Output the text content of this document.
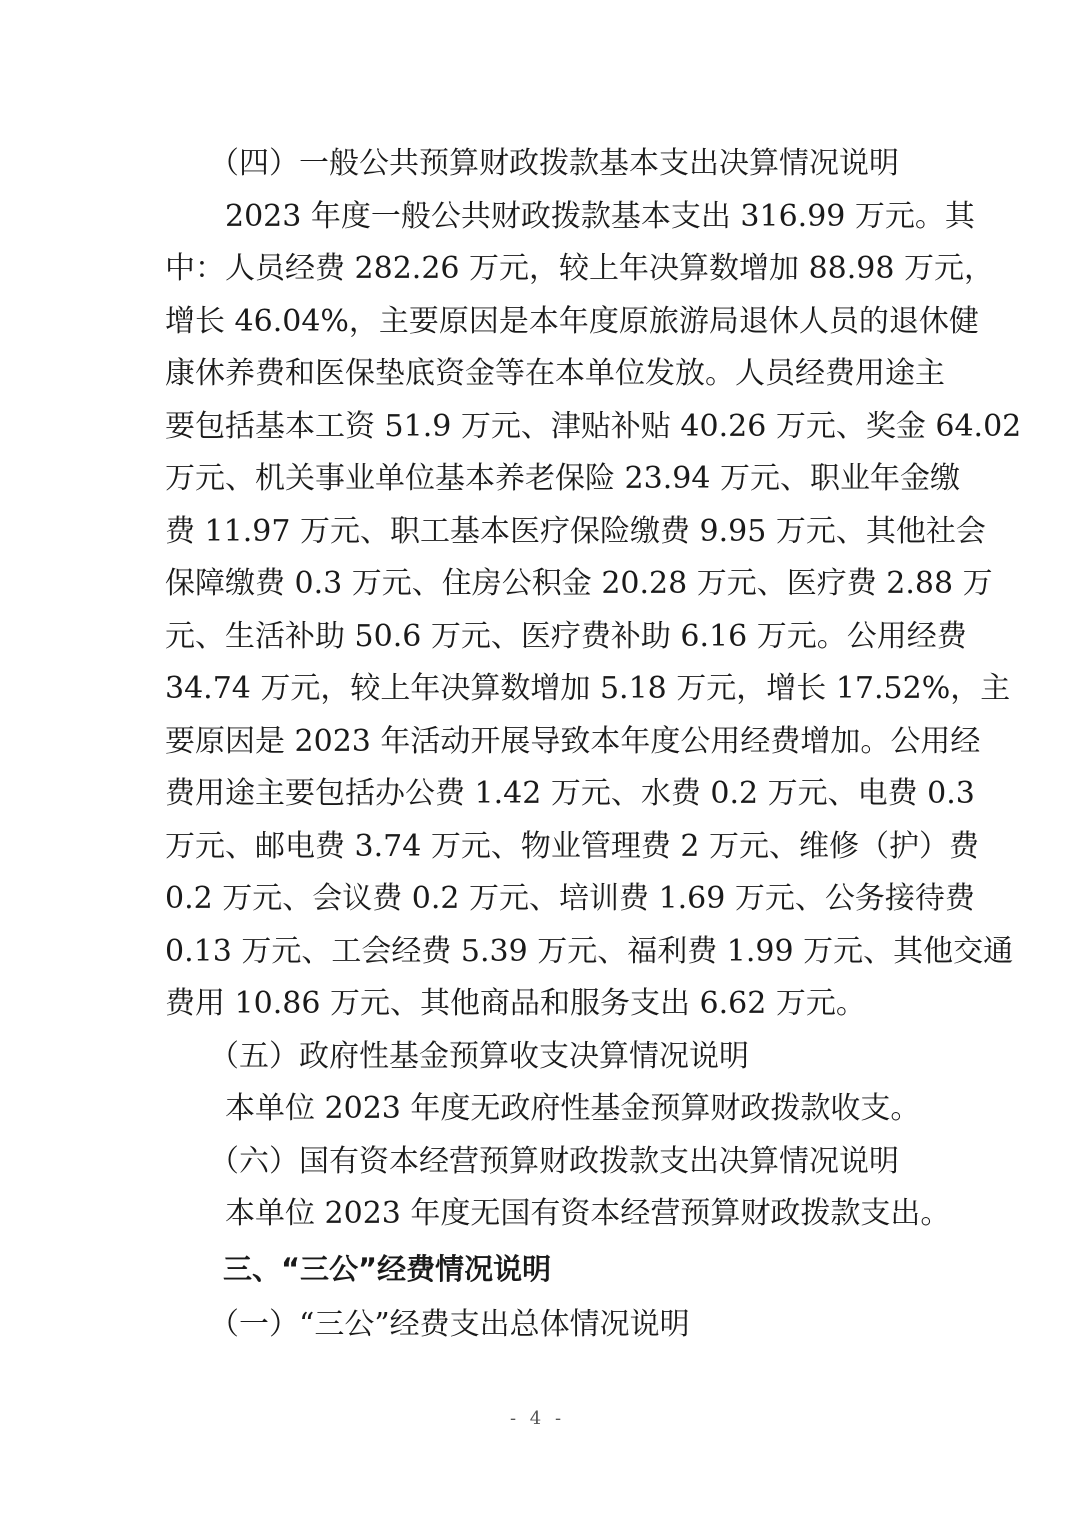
（四）一般公共预算财政拨款基本支出决算情况说明
2023 年度一般公共财政拨款基本支出 316.99 万元。其
中：人员经费 282.26 万元，较上年决算数增加 88.98 万元，
增长 46.04%，主要原因是本年度原旅游局退休人员的退休健
康休养费和医保垫底资金等在本单位发放。人员经费用途主
要包括基本工资 51.9 万元、津贴补贴 40.26 万元、奖金 64.02
万元、机关事业单位基本养老保险 23.94 万元、职业年金缴
费 11.97 万元、职工基本医疗保险缴费 9.95 万元、其他社会
保障缴费 0.3 万元、住房公积金 20.28 万元、医疗费 2.88 万
元、生活补助 50.6 万元、医疗费补助 6.16 万元。公用经费
34.74 万元，较上年决算数增加 5.18 万元，增长 17.52%，主
要原因是 2023 年活动开展导致本年度公用经费增加。公用经
费用途主要包括办公费 1.42 万元、水费 0.2 万元、电费 0.3
万元、邮电费 3.74 万元、物业管理费 2 万元、维修（护）费
0.2 万元、会议费 0.2 万元、培训费 1.69 万元、公务接待费
0.13 万元、工会经费 5.39 万元、福利费 1.99 万元、其他交通
费用 10.86 万元、其他商品和服务支出 6.62 万元。
（五）政府性基金预算收支决算情况说明
本单位 2023 年度无政府性基金预算财政拨款收支。
（六）国有资本经营预算财政拨款支出决算情况说明
本单位 2023 年度无国有资本经营预算财政拨款支出。
三、“三公”经费情况说明
（一）“三公”经费支出总体情况说明
- 4 -
